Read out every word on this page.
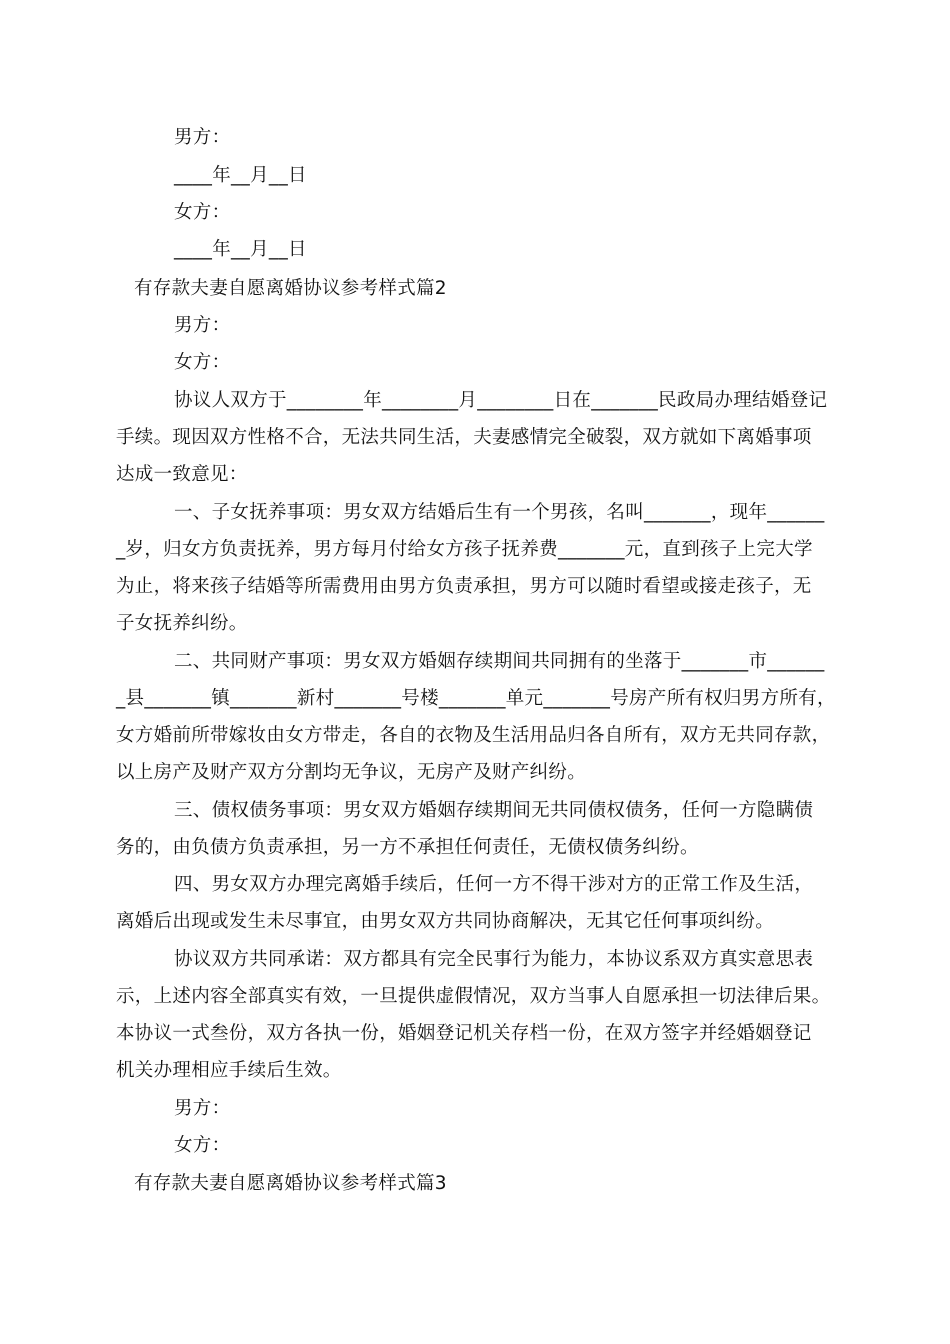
男方：
____年__月__日
女方：
____年__月__日
有存款夫妻自愿离婚协议参考样式篇2
男方：
女方：
协议人双方于________年________月________日在_______民政局办理结婚登记
手续。现因双方性格不合，无法共同生活，夫妻感情完全破裂，双方就如下离婚事项
达成一致意见：
一、子女抚养事项：男女双方结婚后生有一个男孩，名叫_______，现年______
_岁，归女方负责抚养，男方每月付给女方孩子抚养费_______元，直到孩子上完大学
为止，将来孩子结婚等所需费用由男方负责承担，男方可以随时看望或接走孩子，无
子女抚养纠纷。
二、共同财产事项：男女双方婚姻存续期间共同拥有的坐落于_______市______
_县_______镇_______新村_______号楼_______单元_______号房产所有权归男方所有，
女方婚前所带嫁妆由女方带走，各自的衣物及生活用品归各自所有，双方无共同存款，
以上房产及财产双方分割均无争议，无房产及财产纠纷。
三、债权债务事项：男女双方婚姻存续期间无共同债权债务，任何一方隐瞒债
务的，由负债方负责承担，另一方不承担任何责任，无债权债务纠纷。
四、男女双方办理完离婚手续后，任何一方不得干涉对方的正常工作及生活，
离婚后出现或发生未尽事宜，由男女双方共同协商解决，无其它任何事项纠纷。
协议双方共同承诺：双方都具有完全民事行为能力，本协议系双方真实意思表
示，上述内容全部真实有效，一旦提供虚假情况，双方当事人自愿承担一切法律后果。
本协议一式叁份，双方各执一份，婚姻登记机关存档一份，在双方签字并经婚姻登记
机关办理相应手续后生效。
男方：
女方：
有存款夫妻自愿离婚协议参考样式篇3
